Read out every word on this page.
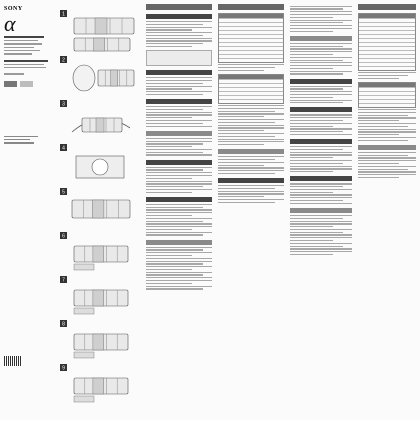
SONY
α	1
2
3
4
5
6
7
8
9
